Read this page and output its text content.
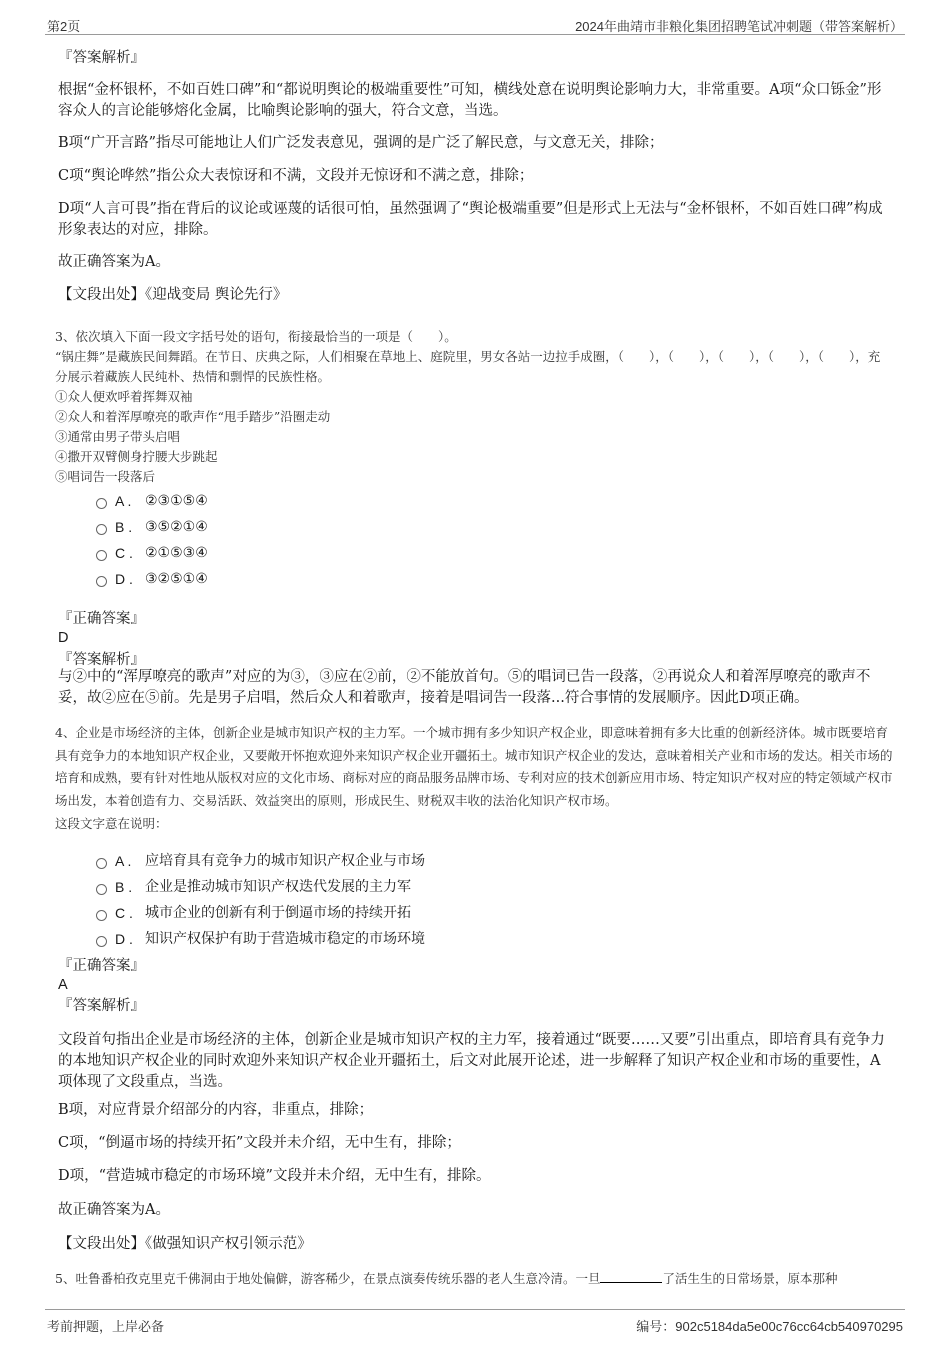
第2页	2024年曲靖市非粮化集团招聘笔试冲刺题（带答案解析）

『答案解析』

根据“金杯银杯，不如百姓口碑”和“都说明舆论的极端重要性”可知，横线处意在说明舆论影响力大，非常重要。A项“众口铄金”形容众人的言论能够熔化金属，比喻舆论影响的强大，符合文意，当选。

B项“广开言路”指尽可能地让人们广泛发表意见，强调的是广泛了解民意，与文意无关，排除；

C项“舆论哗然”指公众大表惊讶和不满，文段并无惊讶和不满之意，排除；

D项“人言可畏”指在背后的议论或诬蔑的话很可怕，虽然强调了“舆论极端重要”但是形式上无法与“金杯银杯，不如百姓口碑”构成形象表达的对应，排除。

故正确答案为A。

【文段出处】《迎战变局 舆论先行》

3、依次填入下面一段文字括号处的语句，衔接最恰当的一项是（　　）。

“锅庄舞”是藏族民间舞蹈。在节日、庆典之际，人们相聚在草地上、庭院里，男女各站一边拉手成圈，（　　），（　　），（　　），（　　），（　　），充分展示着藏族人民纯朴、热情和剽悍的民族性格。

①众人便欢呼着挥舞双袖

②众人和着浑厚嘹亮的歌声作“甩手踏步”沿圈走动

③通常由男子带头启唱

④撒开双臂侧身拧腰大步跳起

⑤唱词告一段落后

A . ②③①⑤④
B . ③⑤②①④
C . ②①⑤③④
D . ③②⑤①④

『正确答案』

D

『答案解析』

与②中的“浑厚嘹亮的歌声”对应的为③，③应在②前，②不能放首句。⑤的唱词已告一段落，②再说众人和着浑厚嘹亮的歌声不妥，故②应在⑤前。先是男子启唱，然后众人和着歌声，接着是唱词告一段落...符合事情的发展顺序。因此D项正确。

4、企业是市场经济的主体，创新企业是城市知识产权的主力军。一个城市拥有多少知识产权企业，即意味着拥有多大比重的创新经济体。城市既要培育具有竞争力的本地知识产权企业，又要敞开怀抱欢迎外来知识产权企业开疆拓土。城市知识产权企业的发达，意味着相关产业和市场的发达。相关市场的培育和成熟，要有针对性地从版权对应的文化市场、商标对应的商品服务品牌市场、专利对应的技术创新应用市场、特定知识产权对应的特定领域产权市场出发，本着创造有力、交易活跃、效益突出的原则，形成民生、财税双丰收的法治化知识产权市场。

这段文字意在说明：

A . 应培育具有竞争力的城市知识产权企业与市场
B . 企业是推动城市知识产权迭代发展的主力军
C . 城市企业的创新有利于倒逼市场的持续开拓
D . 知识产权保护有助于营造城市稳定的市场环境

『正确答案』

A

『答案解析』

文段首句指出企业是市场经济的主体，创新企业是城市知识产权的主力军，接着通过“既要……又要”引出重点，即培育具有竞争力的本地知识产权企业的同时欢迎外来知识产权企业开疆拓土，后文对此展开论述，进一步解释了知识产权企业和市场的重要性，A项体现了文段重点，当选。

B项，对应背景介绍部分的内容，非重点，排除；

C项，“倒逼市场的持续开拓”文段并未介绍，无中生有，排除；

D项，“营造城市稳定的市场环境”文段并未介绍，无中生有，排除。

故正确答案为A。

【文段出处】《做强知识产权引领示范》

5、吐鲁番柏孜克里克千佛洞由于地处偏僻，游客稀少，在景点演奏传统乐器的老人生意冷清。一旦	了活生生的日常场景，原本那种

考前押题，上岸必备	编号：902c5184da5e00c76cc64cb540970295
